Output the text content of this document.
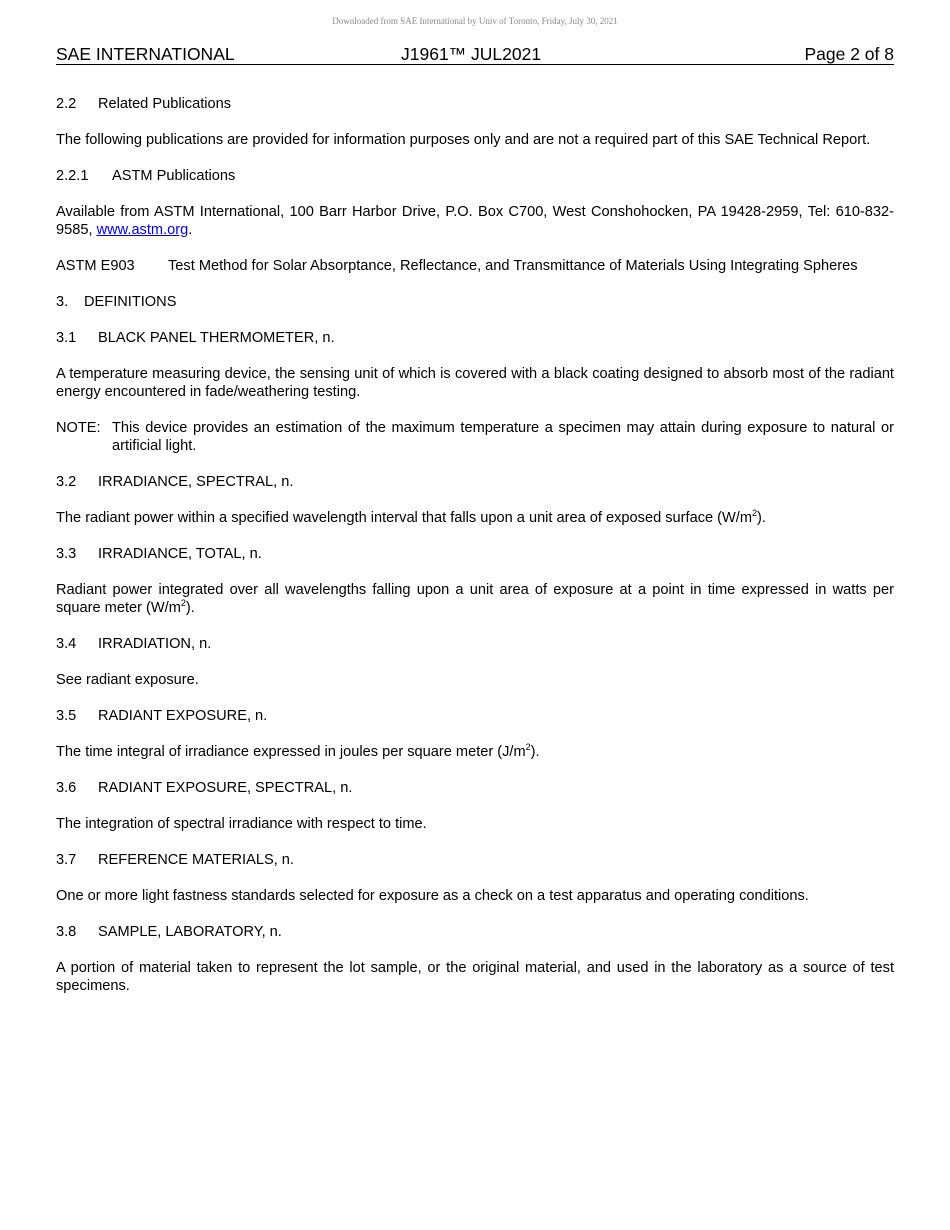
Downloaded from SAE International by Univ of Toronto, Friday, July 30, 2021
SAE INTERNATIONAL	J1961™ JUL2021	Page 2 of 8
2.2 Related Publications

The following publications are provided for information purposes only and are not a required part of this SAE Technical Report.

2.2.1 ASTM Publications

Available from ASTM International, 100 Barr Harbor Drive, P.O. Box C700, West Conshohocken, PA 19428-2959, Tel: 610-832-9585, www.astm.org.

ASTM E903	Test Method for Solar Absorptance, Reflectance, and Transmittance of Materials Using Integrating Spheres
3. DEFINITIONS
3.1 BLACK PANEL THERMOMETER, n.

A temperature measuring device, the sensing unit of which is covered with a black coating designed to absorb most of the radiant energy encountered in fade/weathering testing.

NOTE: This device provides an estimation of the maximum temperature a specimen may attain during exposure to natural or artificial light.
3.2 IRRADIANCE, SPECTRAL, n.

The radiant power within a specified wavelength interval that falls upon a unit area of exposed surface $(W/m^2)$.

3.3 IRRADIANCE, TOTAL, n.

Radiant power integrated over all wavelengths falling upon a unit area of exposure at a point in time expressed in watts per square meter $(W/m^2)$.

3.4 IRRADIATION, n.

See radiant exposure.

3.5 RADIANT EXPOSURE, n.

The time integral of irradiance expressed in joules per square meter $(J/m^2)$.

3.6 RADIANT EXPOSURE, SPECTRAL, n.

The integration of spectral irradiance with respect to time.

3.7 REFERENCE MATERIALS, n.

One or more light fastness standards selected for exposure as a check on a test apparatus and operating conditions.

3.8 SAMPLE, LABORATORY, n.

A portion of material taken to represent the lot sample, or the original material, and used in the laboratory as a source of test specimens.
